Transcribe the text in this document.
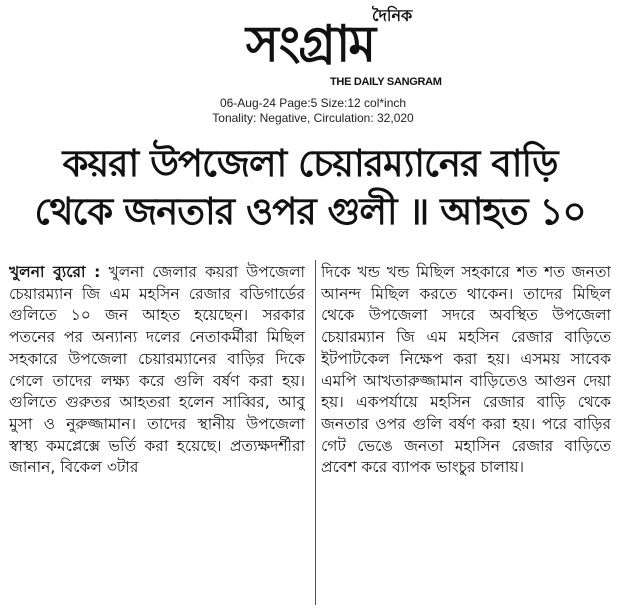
দৈনিক
সংগ্রাম
THE DAILY SANGRAM
06-Aug-24 Page:5 Size:12 col*inch
Tonality: Negative, Circulation: 32,020
কয়রা উপজেলা চেয়ারম্যানের বাড়ি
থেকে জনতার ওপর গুলী ॥ আহত ১০
খুলনা ব্যুরো : খুলনা জেলার কয়রা উপজেলা চেয়ারম্যান জি এম মহসিন রেজার বডিগার্ডের গুলিতে ১০ জন আহত হয়েছেন। সরকার পতনের পর অন্যান্য দলের নেতাকর্মীরা মিছিল সহকারে উপজেলা চেয়ারম্যানের বাড়ির দিকে গেলে তাদের লক্ষ্য করে গুলি বর্ষণ করা হয়। গুলিতে গুরুতর আহতরা হলেন সাব্বির, আবু মুসা ও নুরুজ্জামান। তাদের স্থানীয় উপজেলা স্বাস্থ্য কমপ্লেক্সে ভর্তি করা হয়েছে। প্রত্যক্ষদর্শীরা জানান, বিকেল ৩টার
দিকে খন্ড খন্ড মিছিল সহকারে শত শত জনতা আনন্দ মিছিল করতে থাকেন। তাদের মিছিল থেকে উপজেলা সদরে অবস্থিত উপজেলা চেয়ারম্যান জি এম মহসিন রেজার বাড়িতে ইটপাটকেল নিক্ষেপ করা হয়। এসময় সাবেক এমপি আখতারুজ্জামান বাড়িতেও আগুন দেয়া হয়। একপর্যায়ে মহসিন রেজার বাড়ি থেকে জনতার ওপর গুলি বর্ষণ করা হয়। পরে বাড়ির গেট ভেঙে জনতা মহাসিন রেজার বাড়িতে প্রবেশ করে ব্যাপক ভাংচুর চালায়।
